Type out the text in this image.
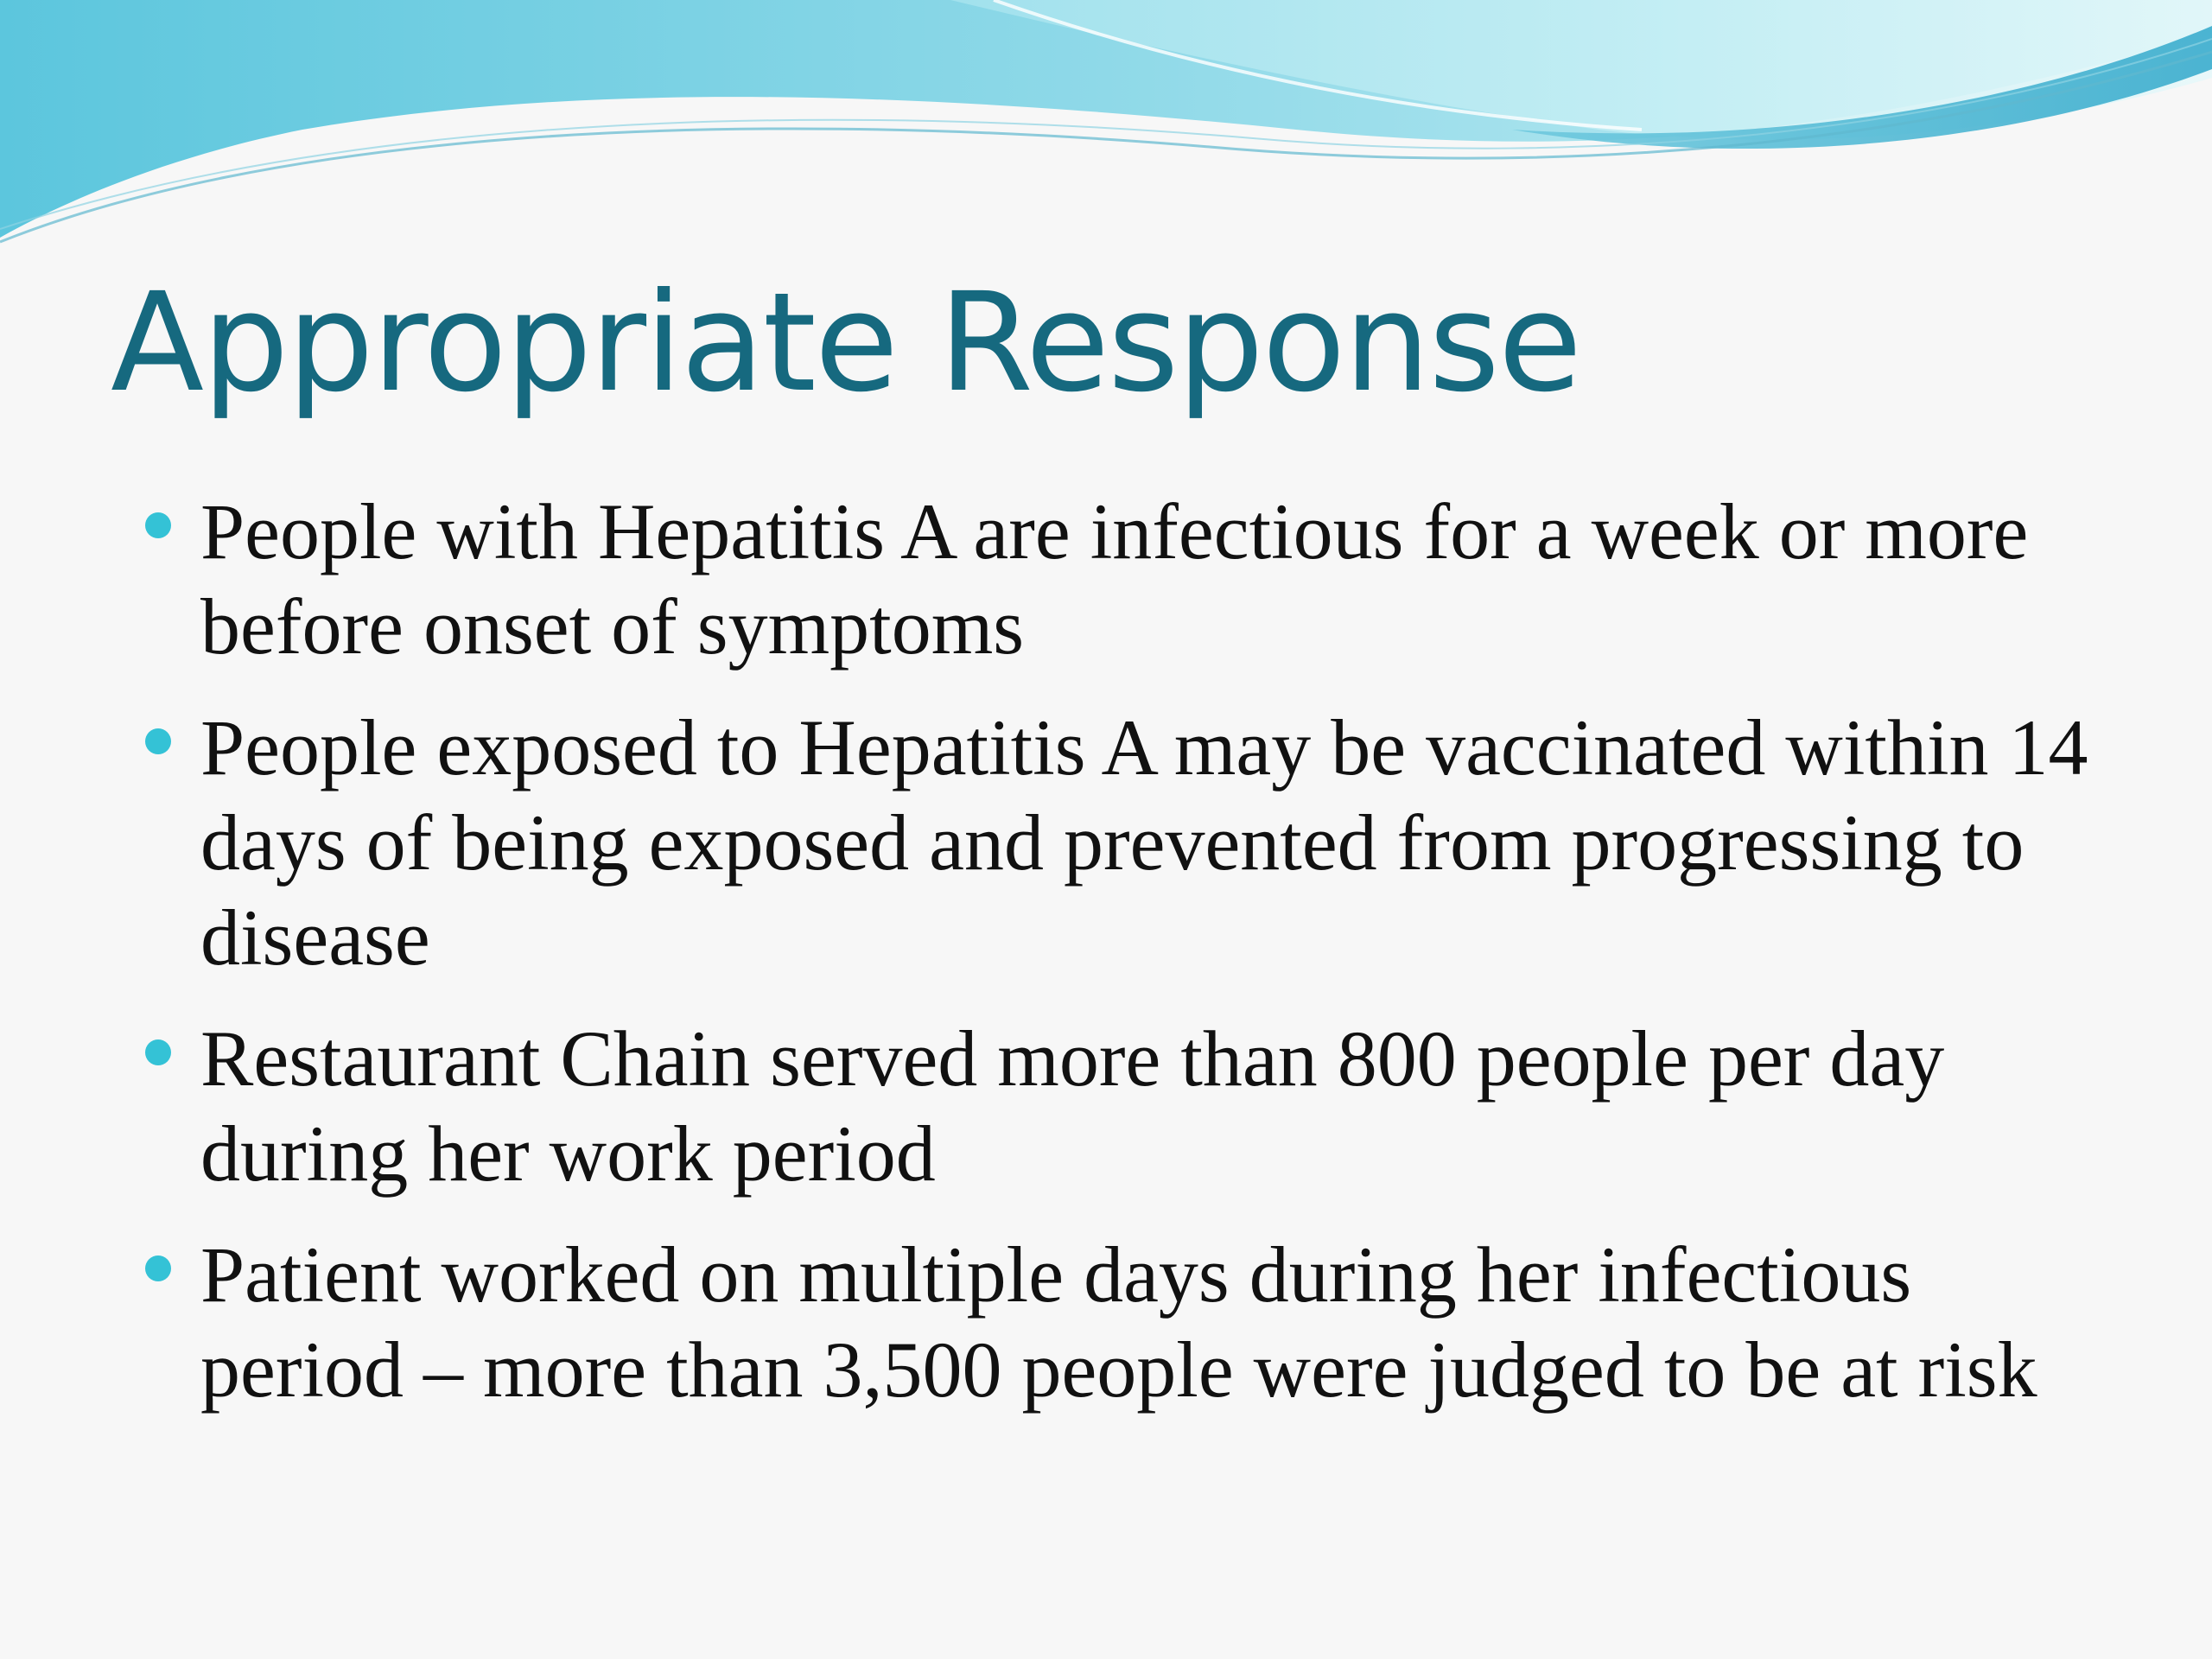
Appropriate Response
People with Hepatitis A are infectious for a week or more before onset of symptoms
People exposed to Hepatitis A may be vaccinated within 14 days of being exposed and prevented from progressing to disease
Restaurant Chain served more than 800 people per day during her work period
Patient worked on multiple days during her infectious period – more than 3,500 people were judged to be at risk
